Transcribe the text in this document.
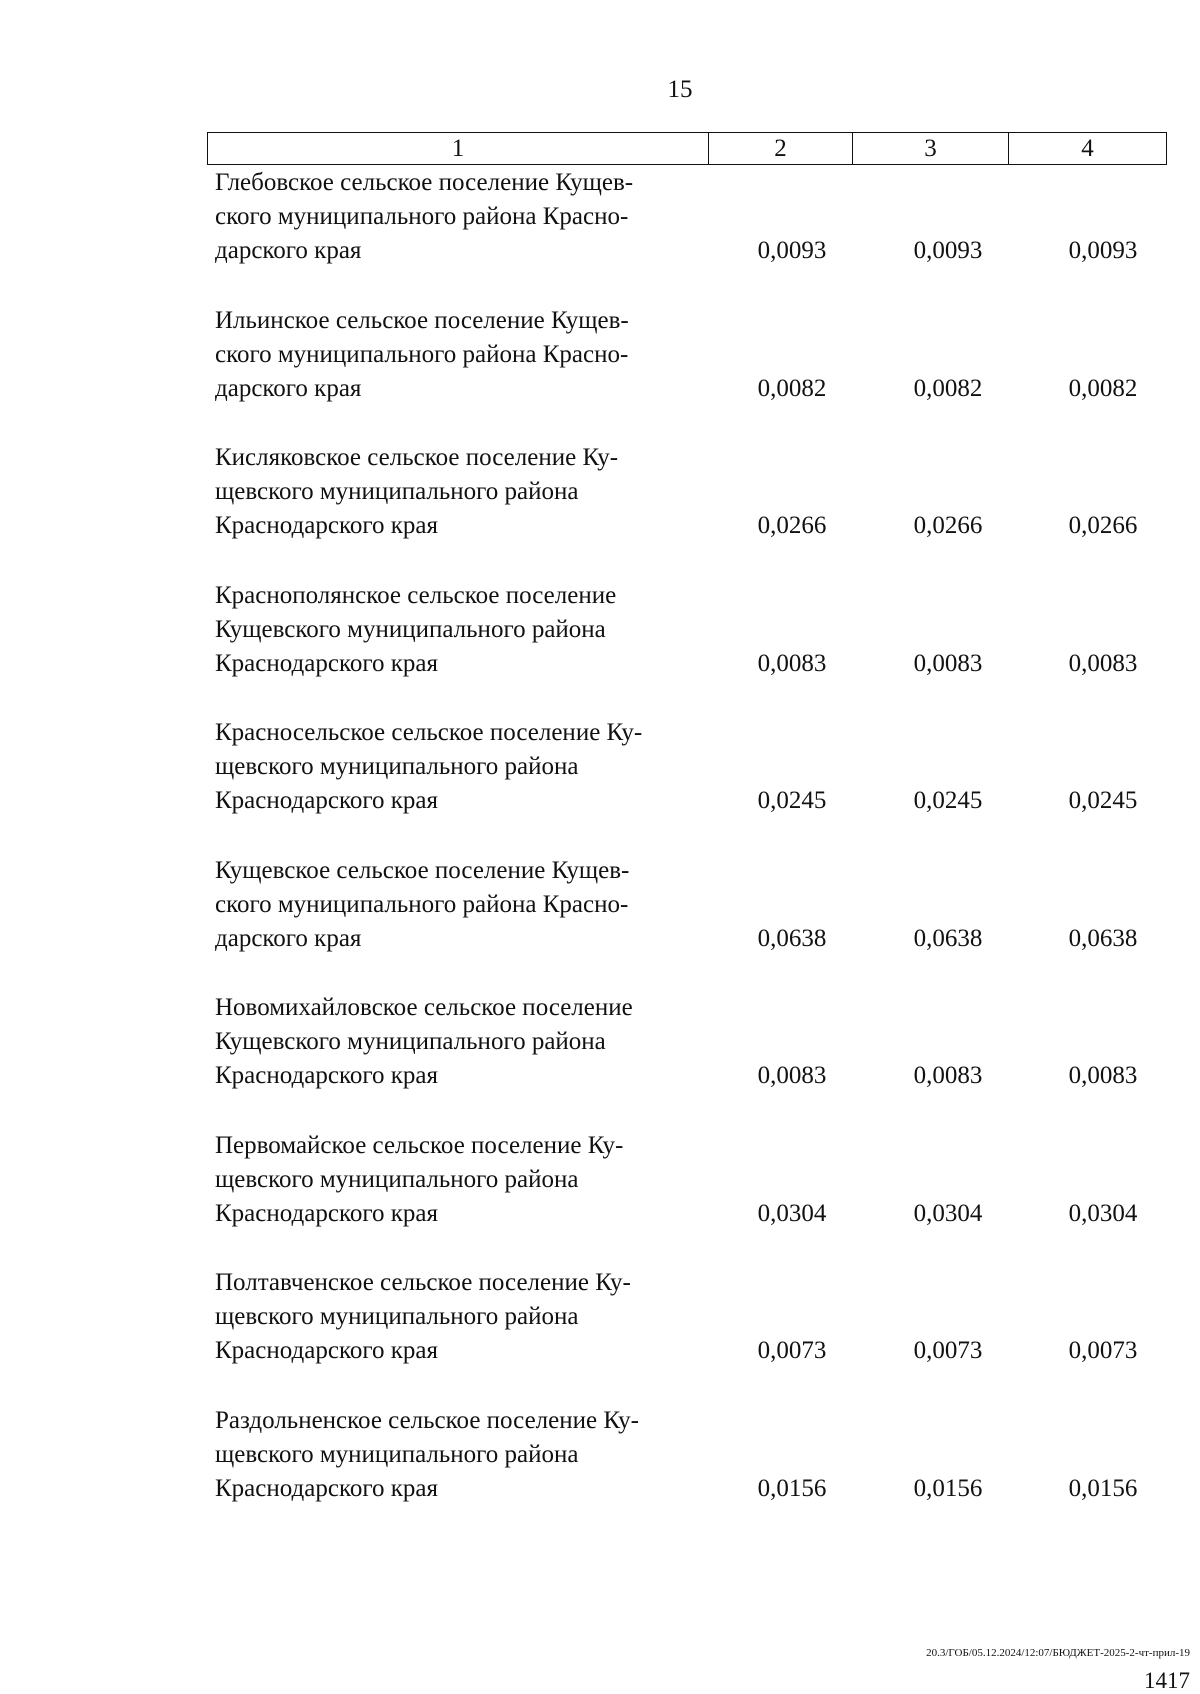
15
1	2	3	4
Глебовское сельское поселение Кущев-
ского муниципального района Красно-
дарского края	0,0093	0,0093	0,0093
Ильинское сельское поселение Кущев-
ского муниципального района Красно-
дарского края	0,0082	0,0082	0,0082
Кисляковское сельское поселение Ку-
щевского муниципального района
Краснодарского края	0,0266	0,0266	0,0266
Краснополянское сельское поселение
Кущевского муниципального района
Краснодарского края	0,0083	0,0083	0,0083
Красносельское сельское поселение Ку-
щевского муниципального района
Краснодарского края	0,0245	0,0245	0,0245
Кущевское сельское поселение Кущев-
ского муниципального района Красно-
дарского края	0,0638	0,0638	0,0638
Новомихайловское сельское поселение
Кущевского муниципального района
Краснодарского края	0,0083	0,0083	0,0083
Первомайское сельское поселение Ку-
щевского муниципального района
Краснодарского края	0,0304	0,0304	0,0304
Полтавченское сельское поселение Ку-
щевского муниципального района
Краснодарского края	0,0073	0,0073	0,0073
Раздольненское сельское поселение Ку-
щевского муниципального района
Краснодарского края	0,0156	0,0156	0,0156
20.3/ГОБ/05.12.2024/12:07/БЮДЖЕТ-2025-2-чт-прил-19
1417
